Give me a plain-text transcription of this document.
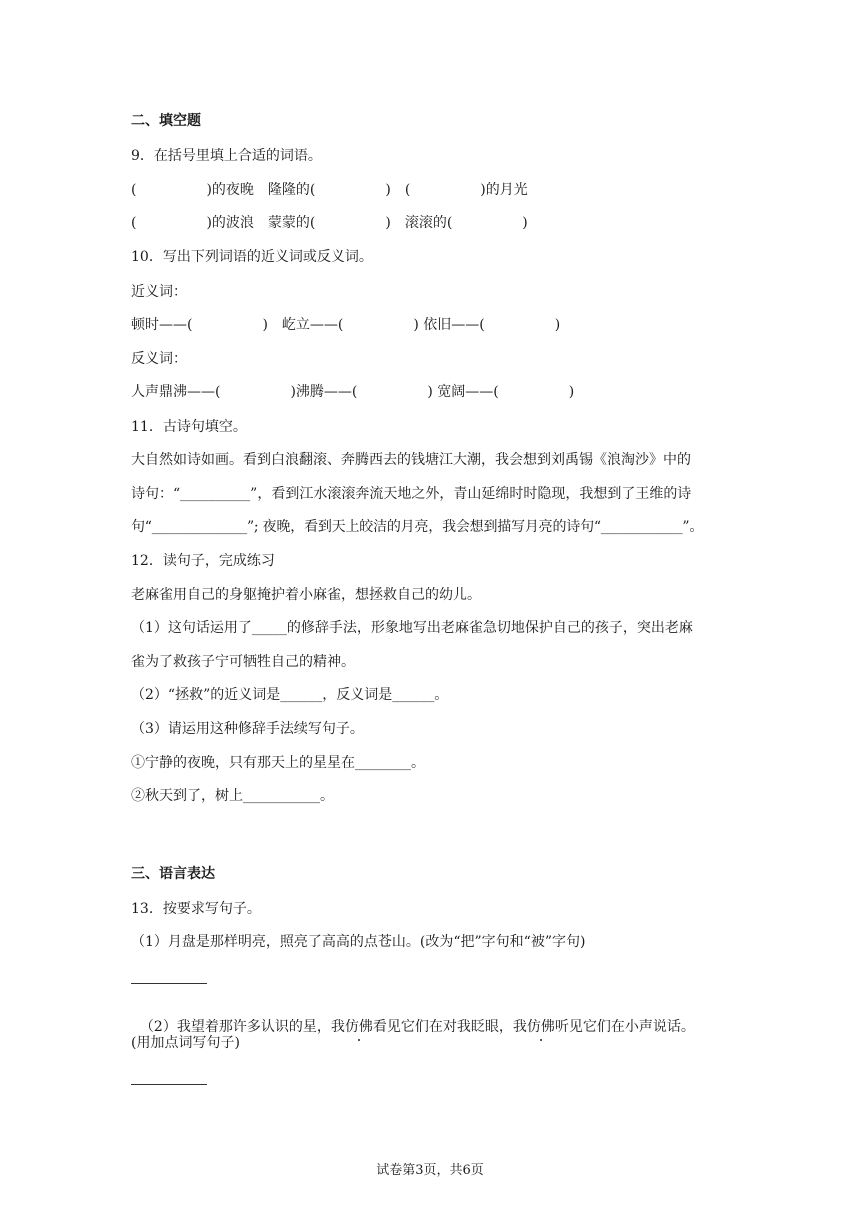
二、填空题
9．在括号里填上合适的词语。
(　　　　　)的夜晚　隆隆的(　　　　　)　(　　　　　)的月光
(　　　　　)的波浪　蒙蒙的(　　　　　)　滚滚的(　　　　　)
10．写出下列词语的近义词或反义词。
近义词：
顿时——(　　　　　)　屹立——(　　　　　) 依旧——(　　　　　)
反义词：
人声鼎沸——(　　　　　)沸腾——(　　　　　) 宽阔——(　　　　　)
11．古诗句填空。
大自然如诗如画。看到白浪翻滚、奔腾西去的钱塘江大潮，我会想到刘禹锡《浪淘沙》中的
诗句：“__________”，看到江水滚滚奔流天地之外，青山延绵时时隐现，我想到了王维的诗
句“______________”; 夜晚，看到天上皎洁的月亮，我会想到描写月亮的诗句“____________”。
12．读句子，完成练习
老麻雀用自己的身躯掩护着小麻雀，想拯救自己的幼儿。
（1）这句话运用了_____的修辞手法，形象地写出老麻雀急切地保护自己的孩子，突出老麻
雀为了救孩子宁可牺牲自己的精神。
（2）“拯救”的近义词是______，反义词是______。
（3）请运用这种修辞手法续写句子。
①宁静的夜晚，只有那天上的星星在________。
②秋天到了，树上___________。
三、语言表达
13．按要求写句子。
（1）月盘是那样明亮，照亮了高高的点苍山。(改为“把”字句和“被”字句)

（2）我望着那许多认识的星，我仿佛看见它们在对我眨眼，我仿佛听见它们在小声说话。

(用加点词写句子)
试卷第3页，共6页
